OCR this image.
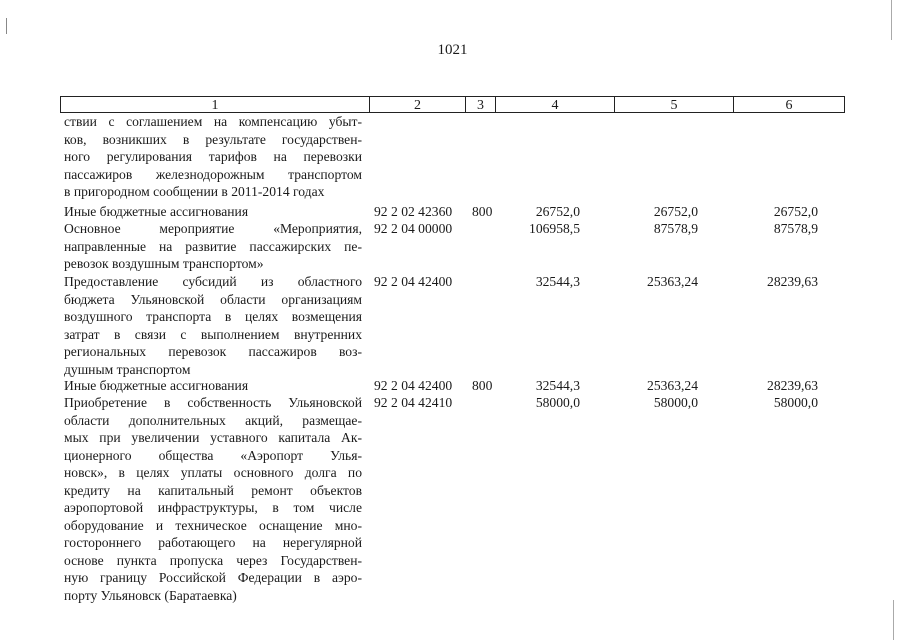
1021
1	2	3	4	5	6
ствии с соглашением на компенсацию убыт-
ков, возникших в результате государствен-
ного регулирования тарифов на перевозки
пассажиров железнодорожным транспортом
в пригородном сообщении в 2011-2014 годах
Иные бюджетные ассигнования	92 2 02 42360 800	26752,0	26752,0	26752,0
Основное мероприятие «Мероприятия,
направленные на развитие пассажирских пе-
ревозок воздушным транспортом»
92 2 04 00000	106958,5	87578,9	87578,9
Предоставление субсидий из областного
бюджета Ульяновской области организациям
воздушного транспорта в целях возмещения
затрат в связи с выполнением внутренних
региональных перевозок пассажиров воз-
душным транспортом
92 2 04 42400	32544,3	25363,24	28239,63
Иные бюджетные ассигнования	92 2 04 42400 800	32544,3	25363,24	28239,63
Приобретение в собственность Ульяновской
области дополнительных акций, размещае-
мых при увеличении уставного капитала Ак-
ционерного общества «Аэропорт Улья-
новск», в целях уплаты основного долга по
кредиту на капитальный ремонт объектов
аэропортовой инфраструктуры, в том числе
оборудование и техническое оснащение мно-
гостороннего работающего на нерегулярной
основе пункта пропуска через Государствен-
ную границу Российской Федерации в аэро-
порту Ульяновск (Баратаевка)
92 2 04 42410	58000,0	58000,0	58000,0
